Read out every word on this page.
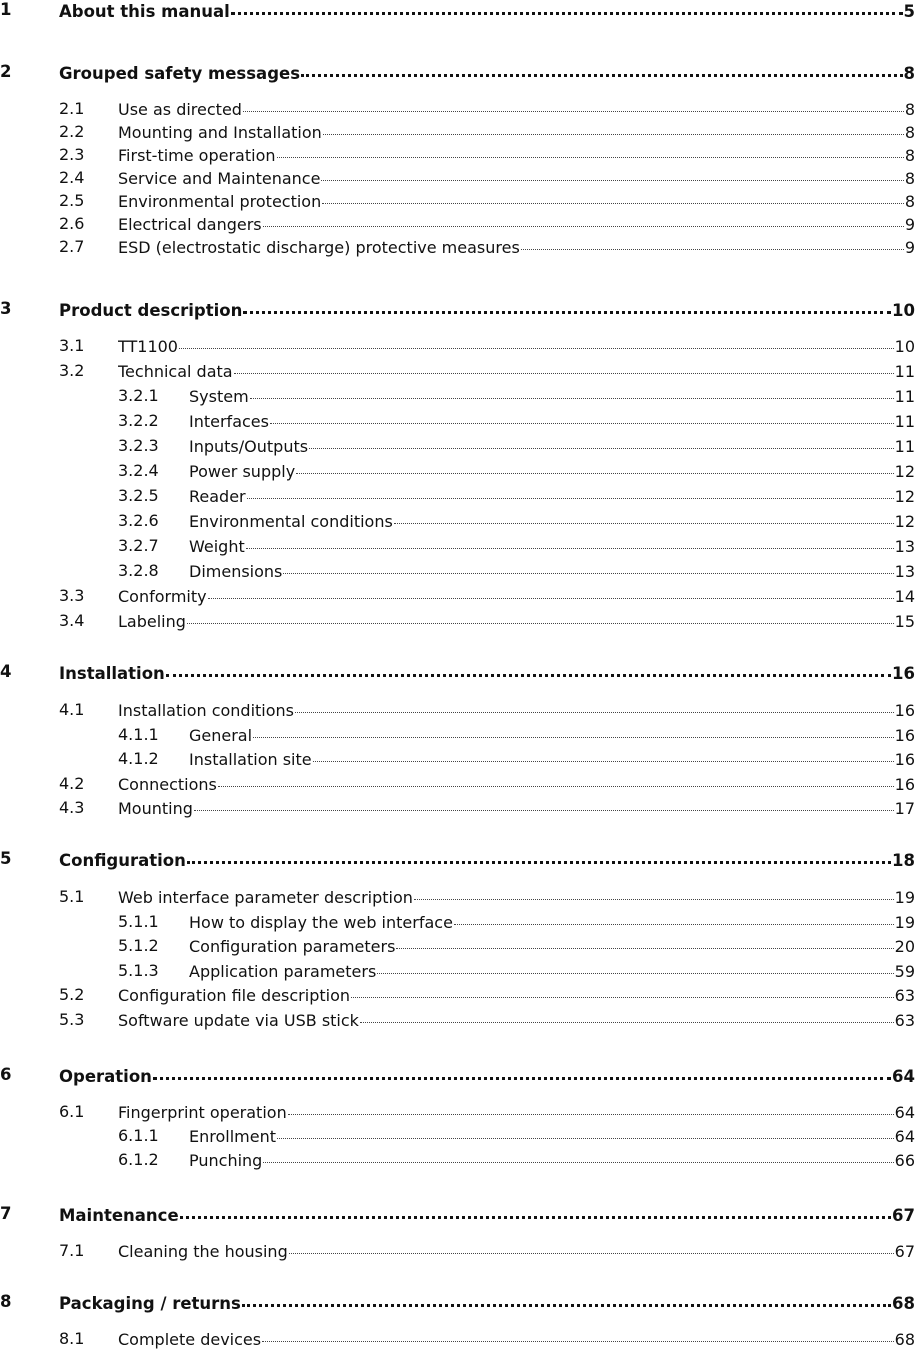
1	About this manual	5
2	Grouped safety messages	8
2.1 Use as directed	8
2.2 Mounting and Installation	8
2.3 First-time operation	8
2.4 Service and Maintenance	8
2.5 Environmental protection	8
2.6 Electrical dangers	9
2.7 ESD (electrostatic discharge) protective measures	9
3	Product description	10
3.1 TT1100	10
3.2 Technical data	11
3.2.1 System	11
3.2.2 Interfaces	11
3.2.3 Inputs/Outputs	11
3.2.4 Power supply	12
3.2.5 Reader	12
3.2.6 Environmental conditions	12
3.2.7 Weight	13
3.2.8 Dimensions	13
3.3 Conformity	14
3.4 Labeling	15
4	Installation	16
4.1 Installation conditions	16
4.1.1 General	16
4.1.2 Installation site	16
4.2 Connections	16
4.3 Mounting	17
5	Configuration	18
5.1 Web interface parameter description	19
5.1.1 How to display the web interface	19
5.1.2 Configuration parameters	20
5.1.3 Application parameters	59
5.2 Configuration file description	63
5.3 Software update via USB stick	63
6	Operation	64
6.1 Fingerprint operation	64
6.1.1 Enrollment	64
6.1.2 Punching	66
7	Maintenance	67
7.1 Cleaning the housing	67
8	Packaging / returns	68
8.1 Complete devices	68
